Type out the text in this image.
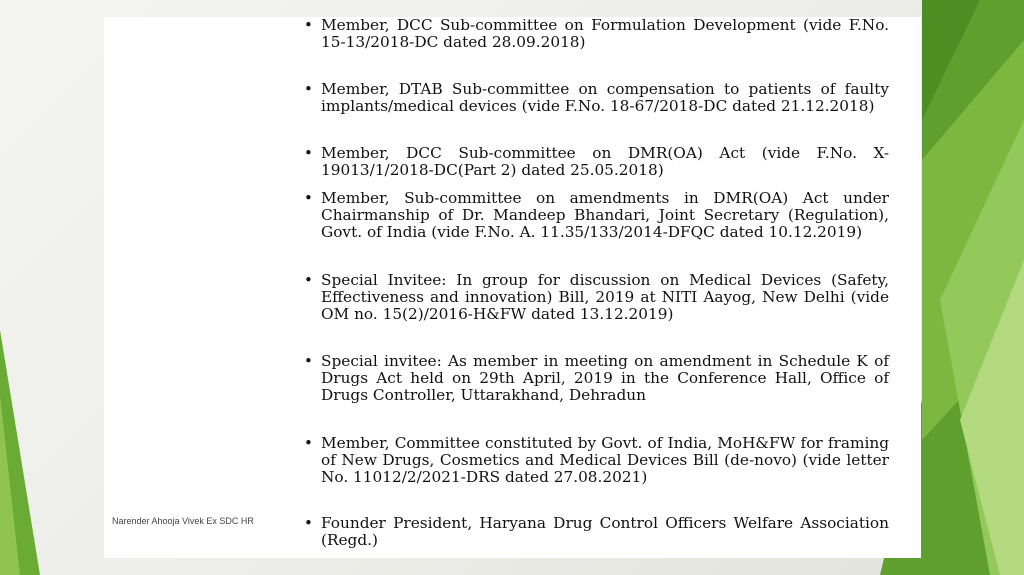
• Member, DCC Sub-committee on Formulation Development (vide F.No. 15-13/2018-DC dated 28.09.2018)
• Member, DTAB Sub-committee on compensation to patients of faulty implants/medical devices (vide F.No. 18-67/2018-DC dated 21.12.2018)
• Member, DCC Sub-committee on DMR(OA) Act (vide F.No. X-19013/1/2018-DC(Part 2) dated 25.05.2018)
• Member, Sub-committee on amendments in DMR(OA) Act under Chairmanship of Dr. Mandeep Bhandari, Joint Secretary (Regulation), Govt. of India (vide F.No. A. 11.35/133/2014-DFQC dated 10.12.2019)
• Special Invitee: In group for discussion on Medical Devices (Safety, Effectiveness and innovation) Bill, 2019 at NITI Aayog, New Delhi (vide OM no. 15(2)/2016-H&FW dated 13.12.2019)
• Special invitee: As member in meeting on amendment in Schedule K of Drugs Act held on 29th April, 2019 in the Conference Hall, Office of Drugs Controller, Uttarakhand, Dehradun
• Member, Committee constituted by Govt. of India, MoH&FW for framing of New Drugs, Cosmetics and Medical Devices Bill (de-novo) (vide letter No. 11012/2/2021-DRS dated 27.08.2021)
• Founder President, Haryana Drug Control Officers Welfare Association (Regd.)
Narender Ahooja Vivek Ex SDC HR
